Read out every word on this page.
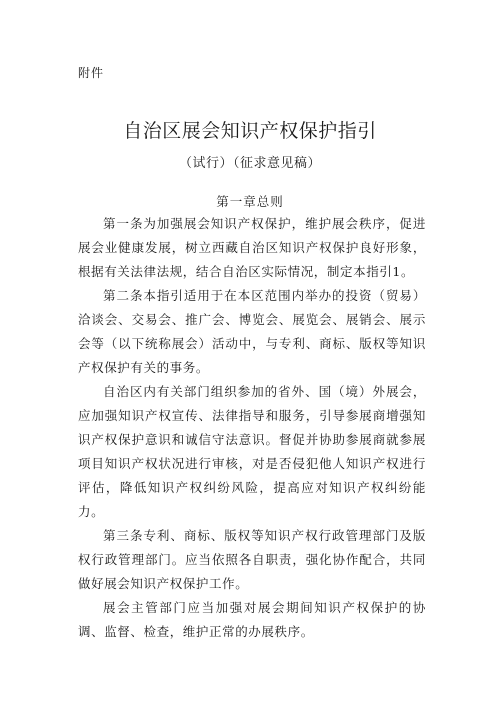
附件
自治区展会知识产权保护指引
（试行）（征求意见稿）
第一章总则

第一条为加强展会知识产权保护，维护展会秩序，促进展会业健康发展，树立西藏自治区知识产权保护良好形象，根据有关法律法规，结合自治区实际情况，制定本指引1。

第二条本指引适用于在本区范围内举办的投资（贸易）洽谈会、交易会、推广会、博览会、展览会、展销会、展示会等（以下统称展会）活动中，与专利、商标、版权等知识产权保护有关的事务。

自治区内有关部门组织参加的省外、国（境）外展会，应加强知识产权宣传、法律指导和服务，引导参展商增强知识产权保护意识和诚信守法意识。督促并协助参展商就参展项目知识产权状况进行审核，对是否侵犯他人知识产权进行评估，降低知识产权纠纷风险，提高应对知识产权纠纷能力。

第三条专利、商标、版权等知识产权行政管理部门及版权行政管理部门。应当依照各自职责，强化协作配合，共同做好展会知识产权保护工作。

展会主管部门应当加强对展会期间知识产权保护的协调、监督、检查，维护正常的办展秩序。
